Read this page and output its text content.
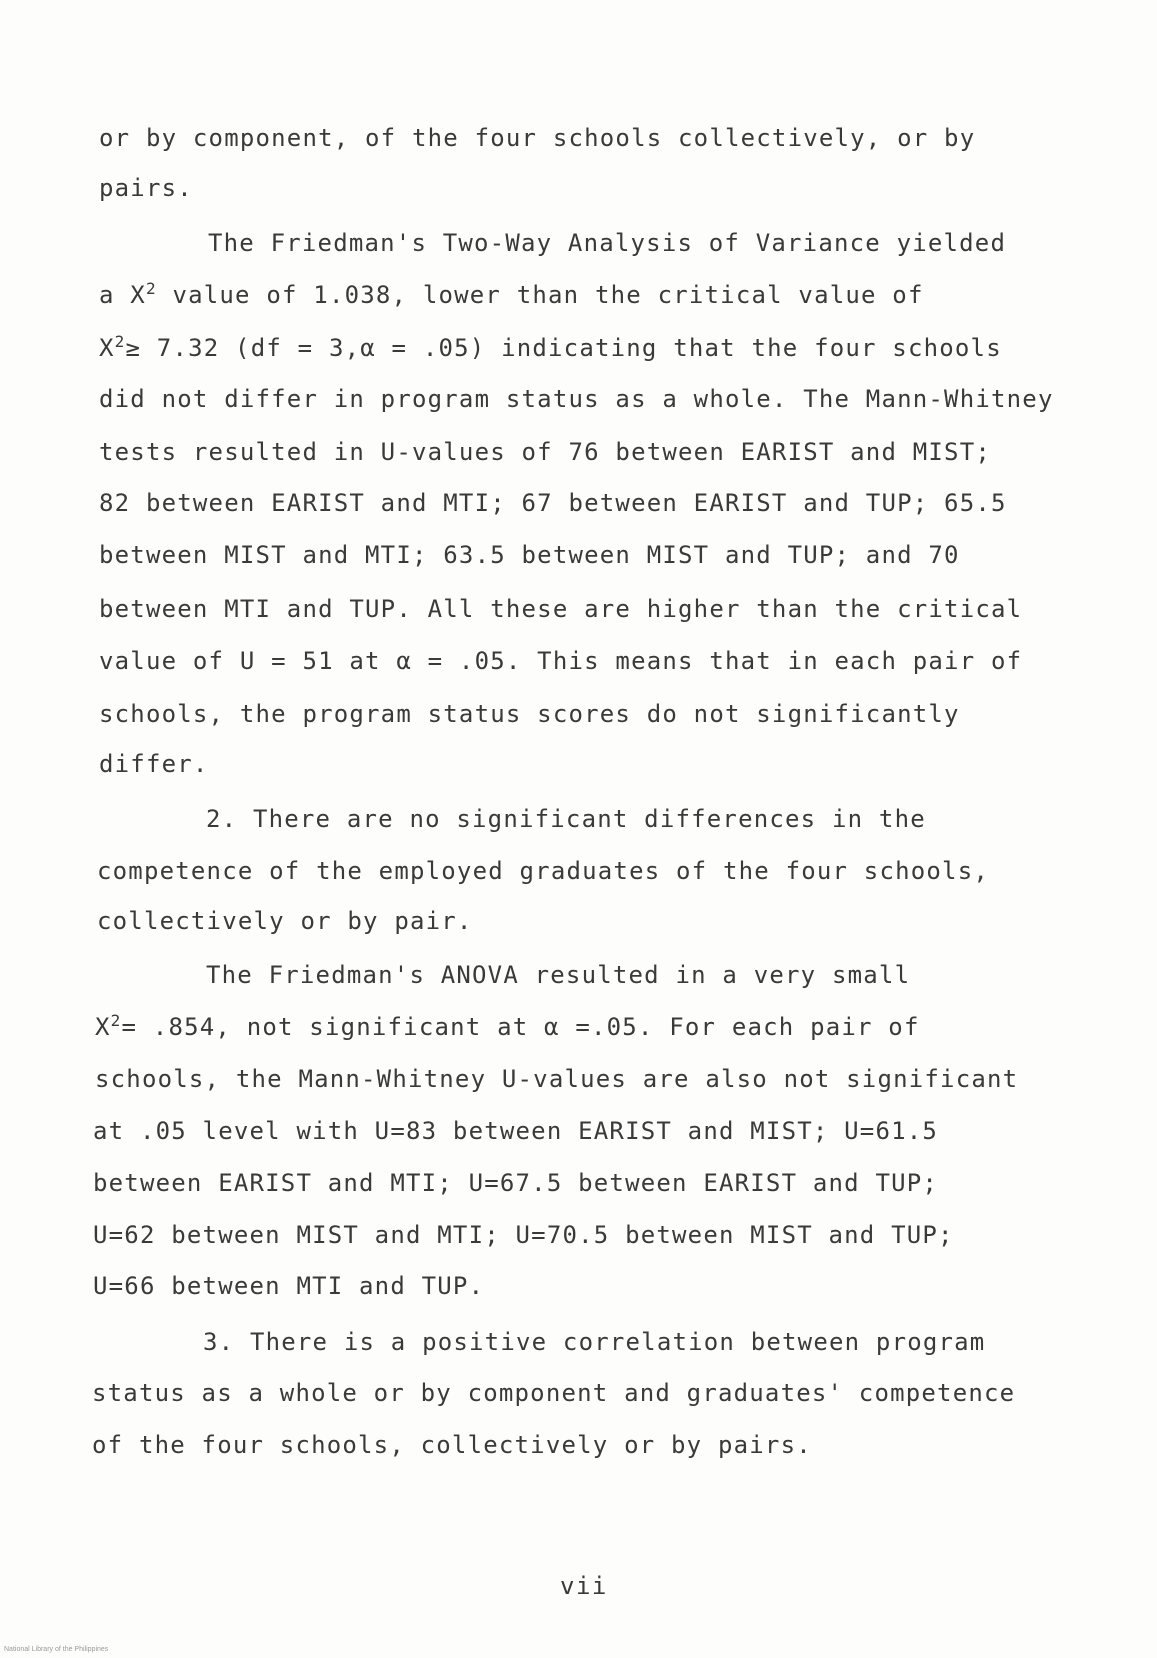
or by component, of the four schools collectively, or by
pairs.
The Friedman's Two-Way Analysis of Variance yielded
a $X^2$ value of 1.038, lower than the critical value of
$X^2\ge 7.32$ (df = 3,⍺ = .05) indicating that the four schools
did not differ in program status as a whole. The Mann-Whitney
tests resulted in U-values of 76 between EARIST and MIST;
82 between EARIST and MTI; 67 between EARIST and TUP; 65.5
between MIST and MTI; 63.5 between MIST and TUP; and 70
between MTI and TUP. All these are higher than the critical
value of U = 51 at ⍺ = .05. This means that in each pair of
schools, the program status scores do not significantly
differ.
2. There are no significant differences in the
competence of the employed graduates of the four schools,
collectively or by pair.
The Friedman's ANOVA resulted in a very small
$X^2= .854$, not significant at ⍺ =.05. For each pair of
schools, the Mann-Whitney U-values are also not significant
at .05 level with U=83 between EARIST and MIST; U=61.5
between EARIST and MTI; U=67.5 between EARIST and TUP;
U=62 between MIST and MTI; U=70.5 between MIST and TUP;
U=66 between MTI and TUP.
3. There is a positive correlation between program
status as a whole or by component and graduates' competence
of the four schools, collectively or by pairs.
vii
National Library of the Philippines
